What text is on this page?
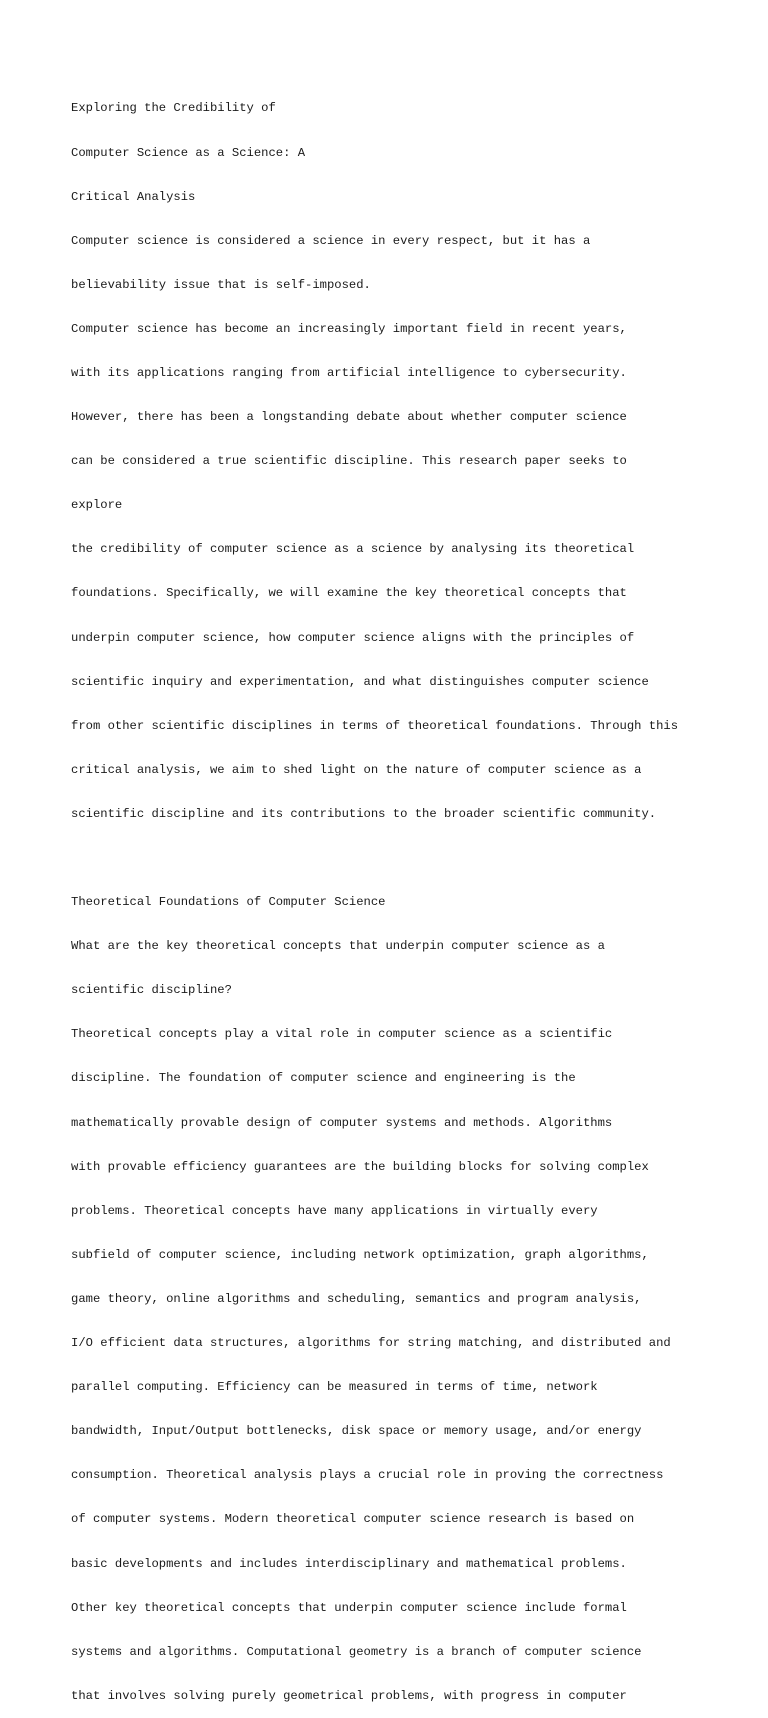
Exploring the Credibility of

Computer Science as a Science: A

Critical Analysis

Computer science is considered a science in every respect, but it has a

believability issue that is self-imposed.

Computer science has become an increasingly important field in recent years,

with its applications ranging from artificial intelligence to cybersecurity.

However, there has been a longstanding debate about whether computer science

can be considered a true scientific discipline. This research paper seeks to

explore

the credibility of computer science as a science by analysing its theoretical

foundations. Specifically, we will examine the key theoretical concepts that

underpin computer science, how computer science aligns with the principles of

scientific inquiry and experimentation, and what distinguishes computer science

from other scientific disciplines in terms of theoretical foundations. Through this

critical analysis, we aim to shed light on the nature of computer science as a

scientific discipline and its contributions to the broader scientific community.

Theoretical Foundations of Computer Science

What are the key theoretical concepts that underpin computer science as a

scientific discipline?

Theoretical concepts play a vital role in computer science as a scientific

discipline. The foundation of computer science and engineering is the

mathematically provable design of computer systems and methods. Algorithms

with provable efficiency guarantees are the building blocks for solving complex

problems. Theoretical concepts have many applications in virtually every

subfield of computer science, including network optimization, graph algorithms,

game theory, online algorithms and scheduling, semantics and program analysis,

I/O efficient data structures, algorithms for string matching, and distributed and

parallel computing. Efficiency can be measured in terms of time, network

bandwidth, Input/Output bottlenecks, disk space or memory usage, and/or energy

consumption. Theoretical analysis plays a crucial role in proving the correctness

of computer systems. Modern theoretical computer science research is based on

basic developments and includes interdisciplinary and mathematical problems.

Other key theoretical concepts that underpin computer science include formal

systems and algorithms. Computational geometry is a branch of computer science

that involves solving purely geometrical problems, with progress in computer
